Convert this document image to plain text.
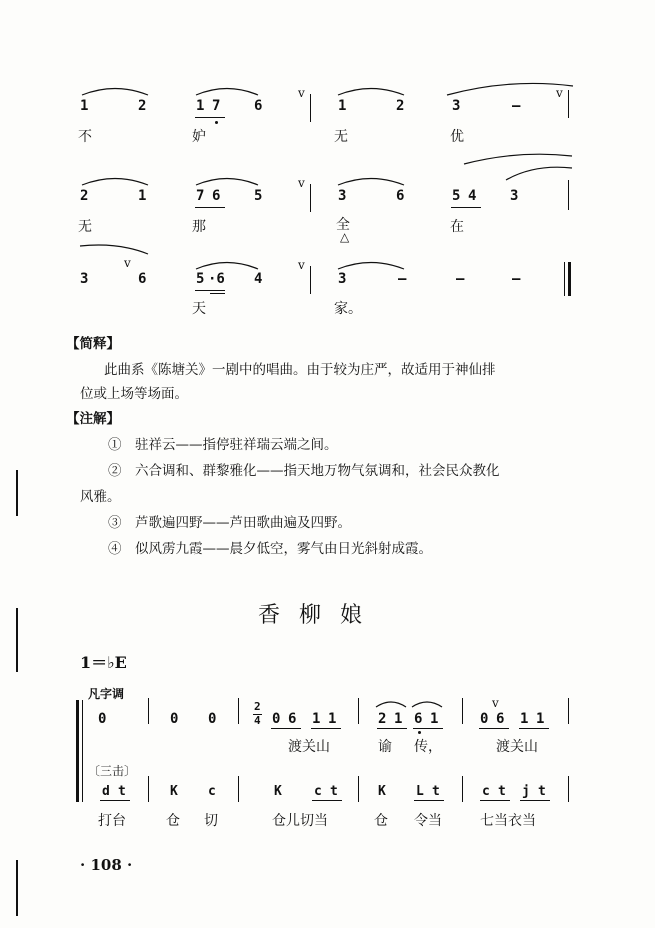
1	2	1 7 6
v
1	2	3	–
v
不	妒	无	优
2	1	7 6 5
v
3	6	5 4 3
无	那	全
△
在
v
3	6	5 ·6 4
v
3	–	–	–
天	家。
【简释】
此曲系《陈塘关》一剧中的唱曲。由于较为庄严，故适用于神仙排
位或上场等场面。
【注解】
①　驻祥云——指停驻祥瑞云端之间。
②　六合调和、群黎雅化——指天地万物气氛调和，社会民众教化
风雅。
③　芦歌遍四野——芦田歌曲遍及四野。
④　似风雳九霞——晨夕低空，雾气由日光斜射成霞。
香 柳 娘
1＝♭E
凡字调
0	0 0
2
4 0 6 1 1	2 1 6 1
v
0 6 1 1
渡关山	谕 传，	渡关山
〔三击〕
d t	K c	K c t	K L t	c t j t
打台	仓 切	仓儿切当	仓 令当	七当衣当
· 108 ·
